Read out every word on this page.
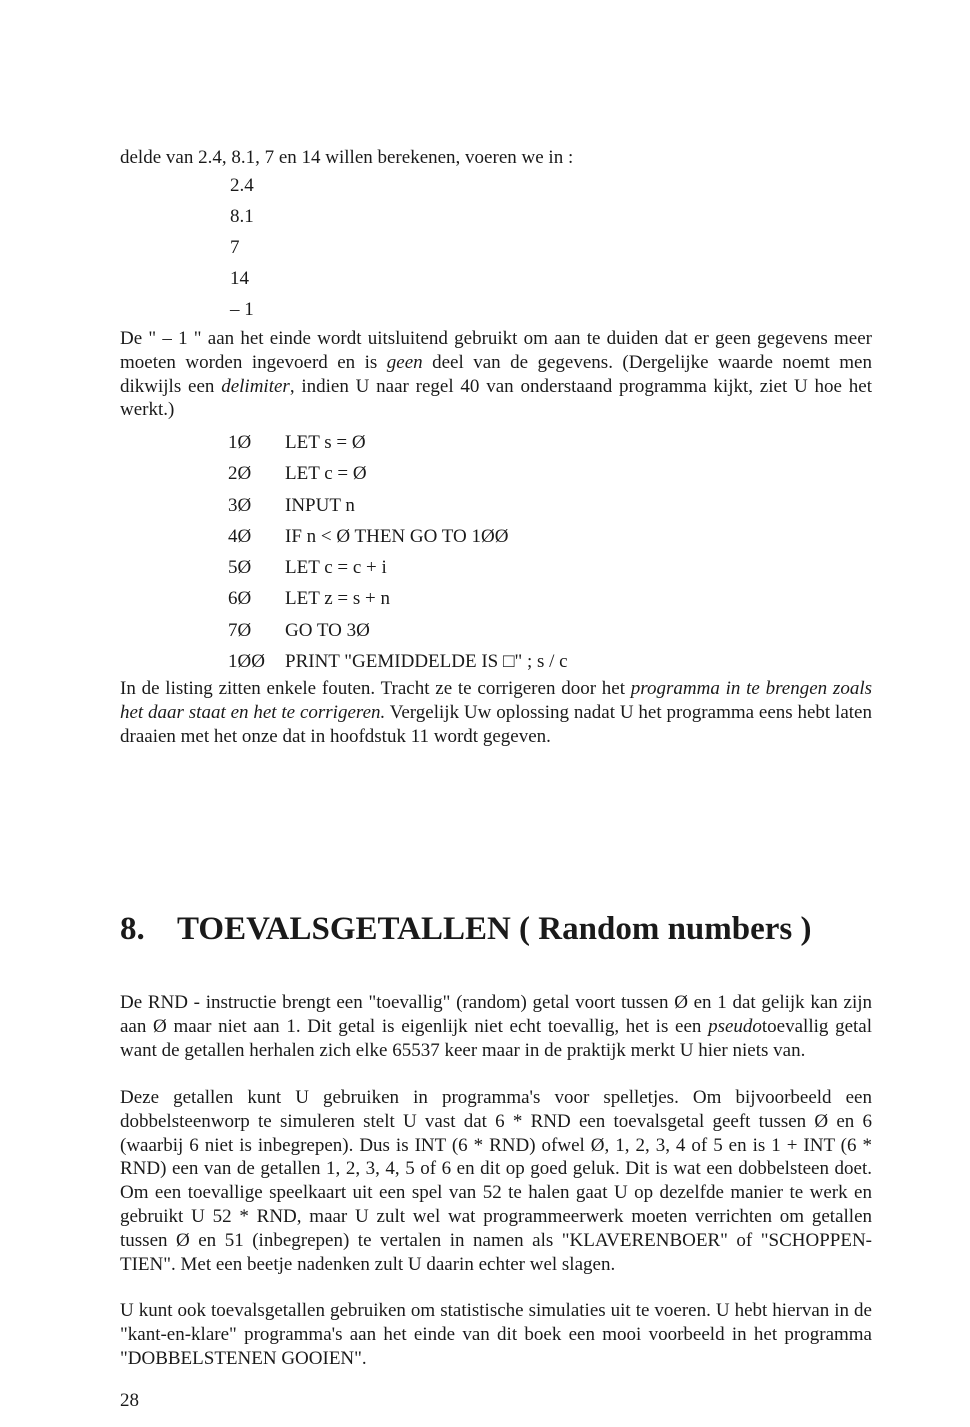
delde van 2.4, 8.1, 7 en 14 willen berekenen, voeren we in :

2.4
8.1
7
14
– 1

De " – 1 " aan het einde wordt uitsluitend gebruikt om aan te duiden dat er geen gegevens meer moeten worden ingevoerd en is geen deel van de gegevens. (Dergelijke waarde noemt men dikwijls een delimiter, indien U naar regel 40 van onderstaand programma kijkt, ziet U hoe het werkt.)

1Ø LET s = Ø
2Ø LET c = Ø
3Ø INPUT n
4Ø IF n < Ø THEN GO TO 1ØØ
5Ø LET c = c + i
6Ø LET z = s + n
7Ø GO TO 3Ø
1ØØ PRINT "GEMIDDELDE IS □" ; s / c

In de listing zitten enkele fouten. Tracht ze te corrigeren door het programma in te brengen zoals het daar staat en het te corrigeren. Vergelijk Uw oplossing nadat U het programma eens hebt laten draaien met het onze dat in hoofdstuk 11 wordt gegeven.

8. TOEVALSGETALLEN ( Random numbers )

De RND - instructie brengt een "toevallig" (random) getal voort tussen Ø en 1 dat gelijk kan zijn aan Ø maar niet aan 1. Dit getal is eigenlijk niet echt toevallig, het is een pseudotoevallig getal want de getallen herhalen zich elke 65537 keer maar in de praktijk merkt U hier niets van.

Deze getallen kunt U gebruiken in programma's voor spelletjes. Om bijvoorbeeld een dobbelsteenworp te simuleren stelt U vast dat 6 * RND een toevalsgetal geeft tussen Ø en 6 (waarbij 6 niet is inbegrepen). Dus is INT (6 * RND) ofwel Ø, 1, 2, 3, 4 of 5 en is 1 + INT (6 * RND) een van de getallen 1, 2, 3, 4, 5 of 6 en dit op goed geluk. Dit is wat een dobbelsteen doet. Om een toevallige speelkaart uit een spel van 52 te halen gaat U op dezelfde manier te werk en gebruikt U 52 * RND, maar U zult wel wat programmeerwerk moeten verrichten om getallen tussen Ø en 51 (inbegrepen) te vertalen in namen als "KLAVERENBOER" of "SCHOPPEN-TIEN". Met een beetje nadenken zult U daarin echter wel slagen.

U kunt ook toevalsgetallen gebruiken om statistische simulaties uit te voeren. U hebt hiervan in de "kant-en-klare" programma's aan het einde van dit boek een mooi voorbeeld in het programma "DOBBELSTENEN GOOIEN".

28
